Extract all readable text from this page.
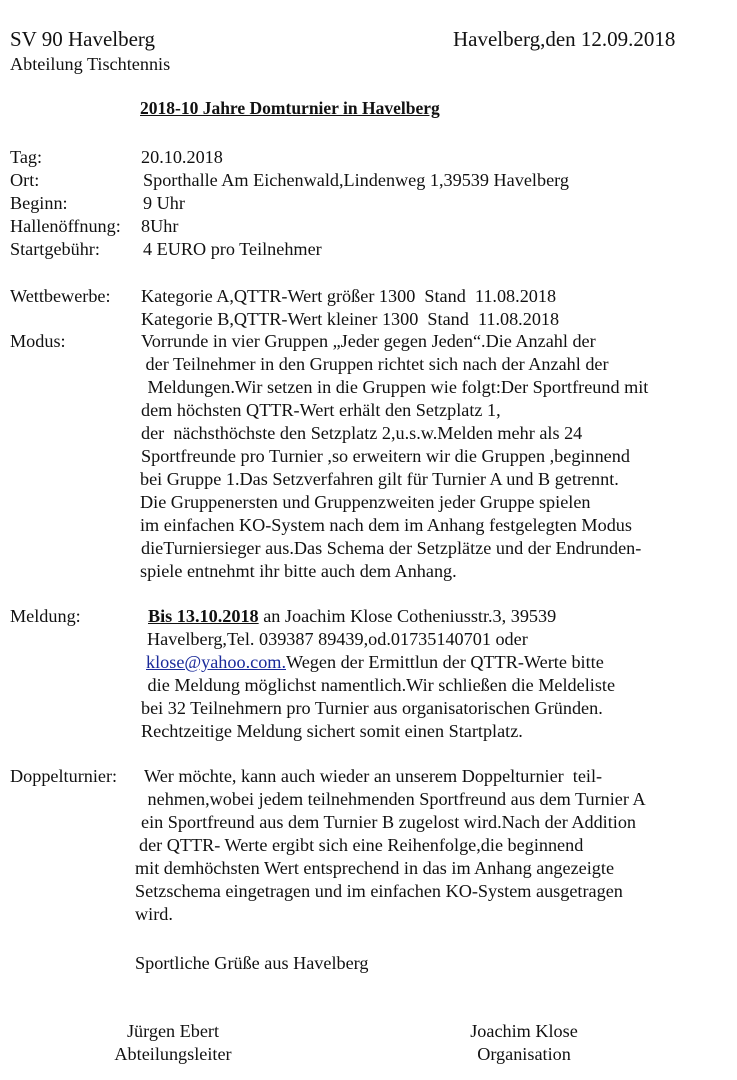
SV 90 Havelberg
Abteilung Tischtennis
Havelberg,den 12.09.2018
2018-10 Jahre Domturnier in Havelberg
Tag:	20.10.2018
Ort:	Sporthalle Am Eichenwald,Lindenweg 1,39539 Havelberg
Beginn:	9 Uhr
Hallenöffnung: 8Uhr
Startgebühr: 4 EURO pro Teilnehmer
Wettbewerbe: Kategorie A,QTTR-Wert größer 1300  Stand  11.08.2018
Kategorie B,QTTR-Wert kleiner 1300  Stand  11.08.2018
Modus:	Vorrunde in vier Gruppen „Jeder gegen Jeden“.Die Anzahl der
der Teilnehmer in den Gruppen richtet sich nach der Anzahl der
Meldungen.Wir setzen in die Gruppen wie folgt:Der Sportfreund mit
dem höchsten QTTR-Wert erhält den Setzplatz 1,
der  nächsthöchste den Setzplatz 2,u.s.w.Melden mehr als 24
Sportfreunde pro Turnier ,so erweitern wir die Gruppen ,beginnend
bei Gruppe 1.Das Setzverfahren gilt für Turnier A und B getrennt.
Die Gruppenersten und Gruppenzweiten jeder Gruppe spielen
im einfachen KO-System nach dem im Anhang festgelegten Modus
dieTurniersieger aus.Das Schema der Setzplätze und der Endrunden-
spiele entnehmt ihr bitte auch dem Anhang.
Meldung:	Bis 13.10.2018 an Joachim Klose Cotheniusstr.3, 39539
Havelberg,Tel. 039387 89439,od.01735140701 oder
klose@yahoo.com.Wegen der Ermittlun der QTTR-Werte bitte
die Meldung möglichst namentlich.Wir schließen die Meldeliste
bei 32 Teilnehmern pro Turnier aus organisatorischen Gründen.
Rechtzeitige Meldung sichert somit einen Startplatz.
Doppelturnier: Wer möchte, kann auch wieder an unserem Doppelturnier  teil-
nehmen,wobei jedem teilnehmenden Sportfreund aus dem Turnier A
ein Sportfreund aus dem Turnier B zugelost wird.Nach der Addition
der QTTR- Werte ergibt sich eine Reihenfolge,die beginnend
mit demhöchsten Wert entsprechend in das im Anhang angezeigte
Setzschema eingetragen und im einfachen KO-System ausgetragen
wird.
Sportliche Grüße aus Havelberg
Jürgen Ebert
Abteilungsleiter
Joachim Klose
Organisation
